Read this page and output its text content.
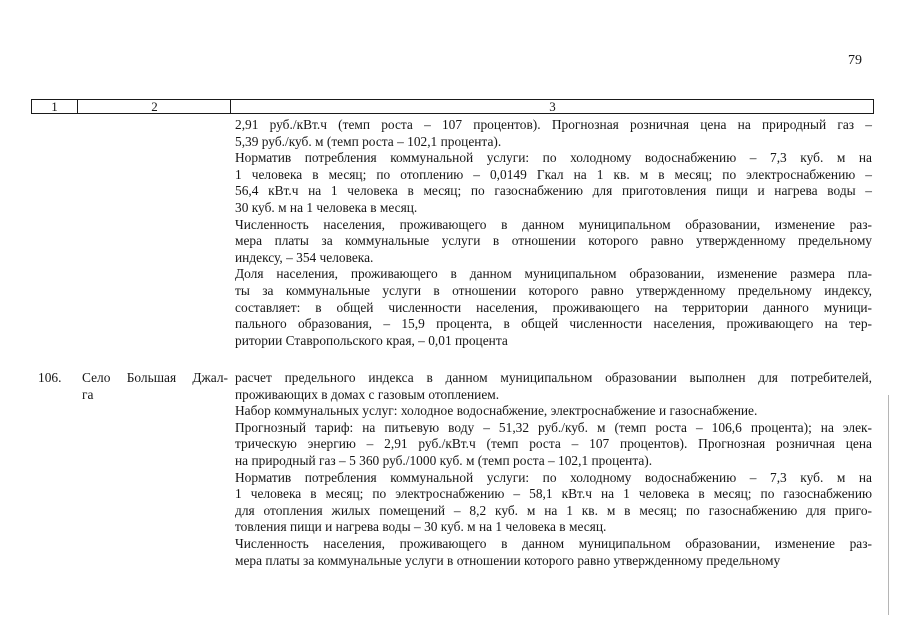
79
1	2	3
2,91 руб./кВт.ч (темп роста – 107 процентов). Прогнозная розничная цена на природный газ –
5,39 руб./куб. м (темп роста – 102,1 процента).
Норматив потребления коммунальной услуги: по холодному водоснабжению – 7,3 куб. м на
1 человека в месяц; по отоплению – 0,0149 Гкал на 1 кв. м в месяц; по электроснабжению –
56,4 кВт.ч на 1 человека в месяц; по газоснабжению для приготовления пищи и нагрева воды –
30 куб. м на 1 человека в месяц.
Численность населения, проживающего в данном муниципальном образовании, изменение раз-
мера платы за коммунальные услуги в отношении которого равно утвержденному предельному
индексу, – 354 человека.
Доля населения, проживающего в данном муниципальном образовании, изменение размера пла-
ты за коммунальные услуги в отношении которого равно утвержденному предельному индексу,
составляет: в общей численности населения, проживающего на территории данного муници-
пального образования, – 15,9 процента, в общей численности населения, проживающего на тер-
ритории Ставропольского края, – 0,01 процента
106. Село Большая Джал-
га
расчет предельного индекса в данном муниципальном образовании выполнен для потребителей,
проживающих в домах с газовым отоплением.
Набор коммунальных услуг: холодное водоснабжение, электроснабжение и газоснабжение.
Прогнозный тариф: на питьевую воду – 51,32 руб./куб. м (темп роста – 106,6 процента); на элек-
трическую энергию – 2,91 руб./кВт.ч (темп роста – 107 процентов). Прогнозная розничная цена
на природный газ – 5 360 руб./1000 куб. м (темп роста – 102,1 процента).
Норматив потребления коммунальной услуги: по холодному водоснабжению – 7,3 куб. м на
1 человека в месяц; по электроснабжению – 58,1 кВт.ч на 1 человека в месяц; по газоснабжению
для отопления жилых помещений – 8,2 куб. м на 1 кв. м в месяц; по газоснабжению для приго-
товления пищи и нагрева воды – 30 куб. м на 1 человека в месяц.
Численность населения, проживающего в данном муниципальном образовании, изменение раз-
мера платы за коммунальные услуги в отношении которого равно утвержденному предельному
